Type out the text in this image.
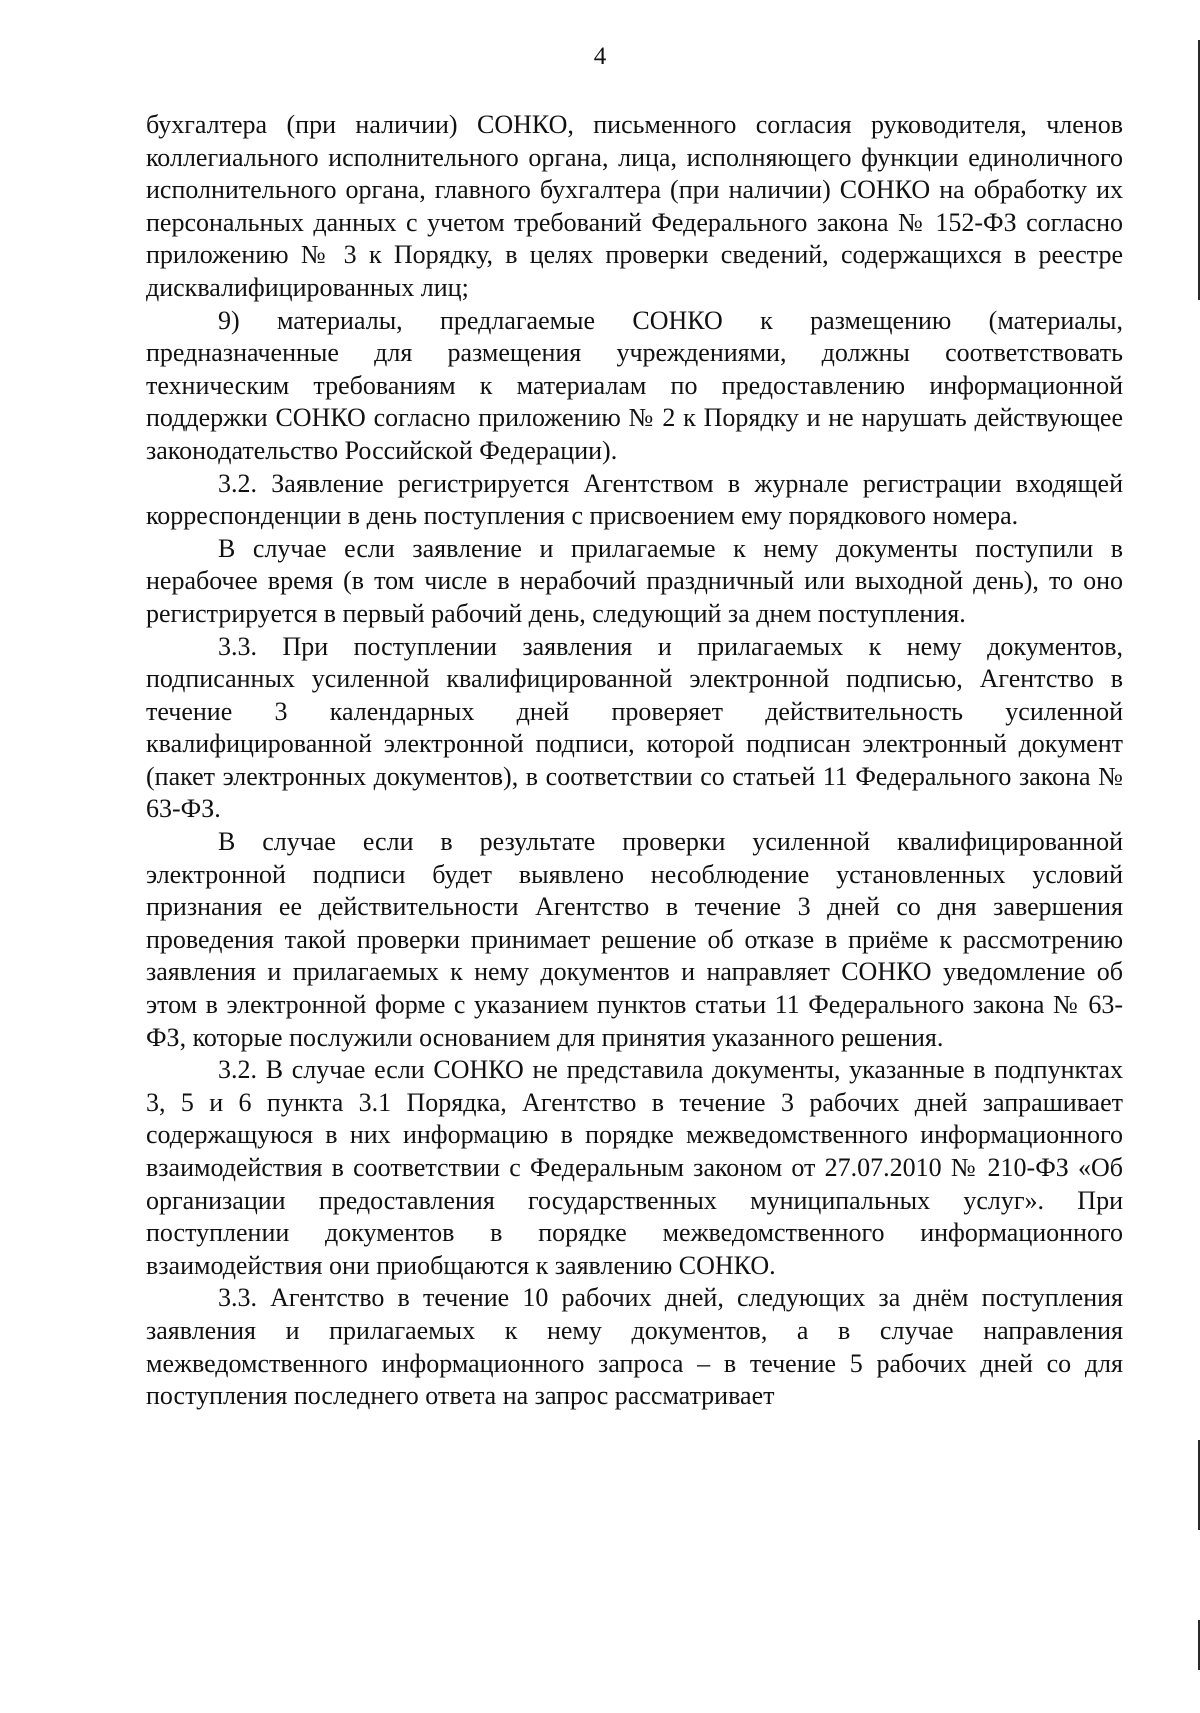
4

бухгалтера (при наличии) СОНКО, письменного согласия руководителя, членов коллегиального исполнительного органа, лица, исполняющего функции единоличного исполнительного органа, главного бухгалтера (при наличии) СОНКО на обработку их персональных данных с учетом требований Федерального закона № 152-ФЗ согласно приложению № 3 к Порядку, в целях проверки сведений, содержащихся в реестре дисквалифицированных лиц;

9) материалы, предлагаемые СОНКО к размещению (материалы, предназначенные для размещения учреждениями, должны соответствовать техническим требованиям к материалам по предоставлению информационной поддержки СОНКО согласно приложению № 2 к Порядку и не нарушать действующее законодательство Российской Федерации).

3.2. Заявление регистрируется Агентством в журнале регистрации входящей корреспонденции в день поступления с присвоением ему порядкового номера.

В случае если заявление и прилагаемые к нему документы поступили в нерабочее время (в том числе в нерабочий праздничный или выходной день), то оно регистрируется в первый рабочий день, следующий за днем поступления.

3.3. При поступлении заявления и прилагаемых к нему документов, подписанных усиленной квалифицированной электронной подписью, Агентство в течение 3 календарных дней проверяет действительность усиленной квалифицированной электронной подписи, которой подписан электронный документ (пакет электронных документов), в соответствии со статьей 11 Федерального закона № 63-ФЗ.

В случае если в результате проверки усиленной квалифицированной электронной подписи будет выявлено несоблюдение установленных условий признания ее действительности Агентство в течение 3 дней со дня завершения проведения такой проверки принимает решение об отказе в приёме к рассмотрению заявления и прилагаемых к нему документов и направляет СОНКО уведомление об этом в электронной форме с указанием пунктов статьи 11 Федерального закона № 63-ФЗ, которые послужили основанием для принятия указанного решения.

3.2. В случае если СОНКО не представила документы, указанные в подпунктах 3, 5 и 6 пункта 3.1 Порядка, Агентство в течение 3 рабочих дней запрашивает содержащуюся в них информацию в порядке межведомственного информационного взаимодействия в соответствии с Федеральным законом от 27.07.2010 № 210-ФЗ «Об организации предоставления государственных муниципальных услуг». При поступлении документов в порядке межведомственного информационного взаимодействия они приобщаются к заявлению СОНКО.

3.3. Агентство в течение 10 рабочих дней, следующих за днём поступления заявления и прилагаемых к нему документов, а в случае направления межведомственного информационного запроса – в течение 5 рабочих дней со для поступления последнего ответа на запрос рассматривает
